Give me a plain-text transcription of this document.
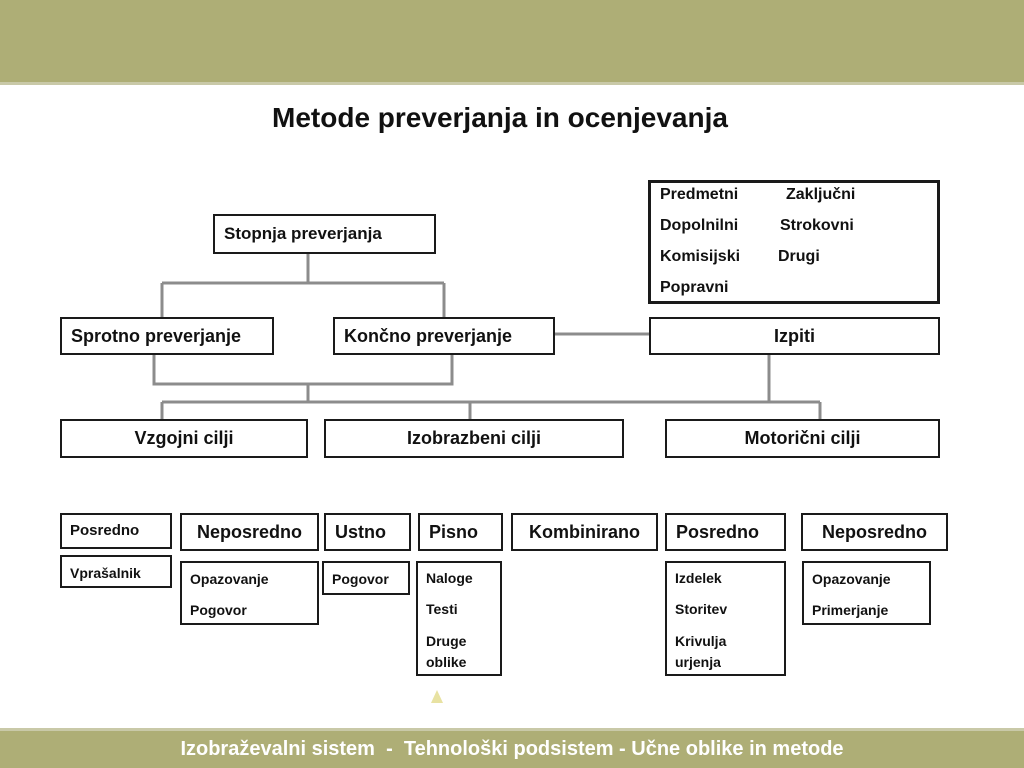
Metode preverjanja in ocenjevanja
Stopnja preverjanja
Sprotno preverjanje	Končno preverjanje	Izpiti
Predmetni	Zaključni
Dopolnilni	Strokovni
Komisijski Drugi
Popravni
Vzgojni cilji	Izobrazbeni cilji	Motorični cilji
Posredno	Neposredno	Ustno	Pisno	Kombinirano	Posredno	Neposredno
Vprašalnik	Opazovanje
Pogovor
Pogovor	Naloge
Testi
Druge oblike
Izdelek
Storitev
Krivulja urjenja
Opazovanje
Primerjanje
Izobraževalni sistem  -  Tehnološki podsistem - Učne oblike in metode
